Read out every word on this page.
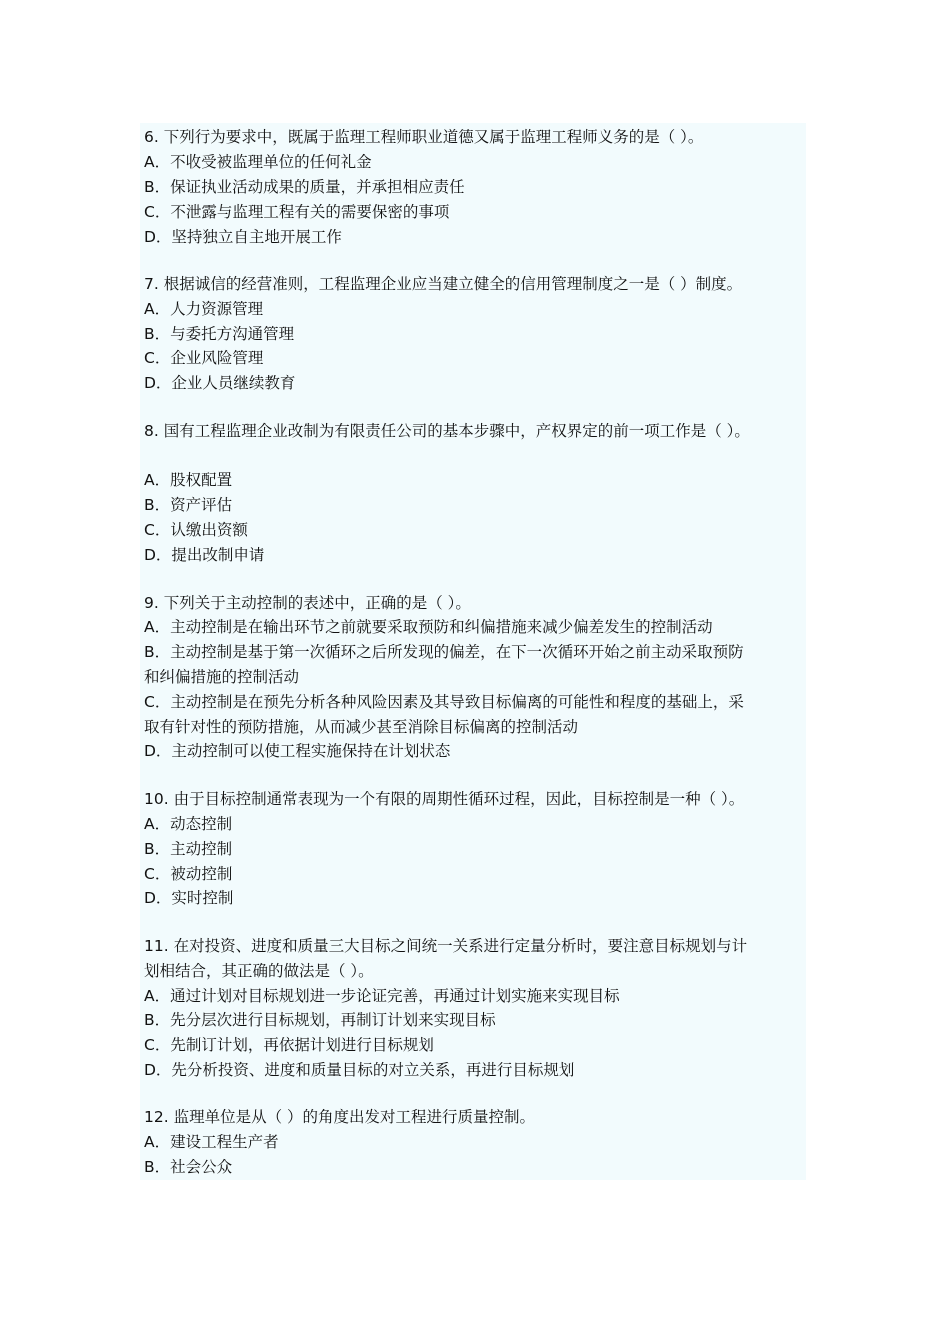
6. 下列行为要求中，既属于监理工程师职业道德又属于监理工程师义务的是（ ）。
A．不收受被监理单位的任何礼金
B．保证执业活动成果的质量，并承担相应责任
C．不泄露与监理工程有关的需要保密的事项
D．坚持独立自主地开展工作
7. 根据诚信的经营准则，工程监理企业应当建立健全的信用管理制度之一是（ ）制度。
A．人力资源管理
B．与委托方沟通管理
C．企业风险管理
D．企业人员继续教育
8. 国有工程监理企业改制为有限责任公司的基本步骤中，产权界定的前一项工作是（ ）。
A．股权配置
B．资产评估
C．认缴出资额
D．提出改制申请
9. 下列关于主动控制的表述中，正确的是（ ）。
A．主动控制是在输出环节之前就要采取预防和纠偏措施来减少偏差发生的控制活动
B．主动控制是基于第一次循环之后所发现的偏差，在下一次循环开始之前主动采取预防
和纠偏措施的控制活动
C．主动控制是在预先分析各种风险因素及其导致目标偏离的可能性和程度的基础上，采
取有针对性的预防措施，从而减少甚至消除目标偏离的控制活动
D．主动控制可以使工程实施保持在计划状态
10. 由于目标控制通常表现为一个有限的周期性循环过程，因此，目标控制是一种（ ）。
A．动态控制
B．主动控制
C．被动控制
D．实时控制
11. 在对投资、进度和质量三大目标之间统一关系进行定量分析时，要注意目标规划与计
划相结合，其正确的做法是（ ）。
A．通过计划对目标规划进一步论证完善，再通过计划实施来实现目标
B．先分层次进行目标规划，再制订计划来实现目标
C．先制订计划，再依据计划进行目标规划
D．先分析投资、进度和质量目标的对立关系，再进行目标规划
12. 监理单位是从（ ）的角度出发对工程进行质量控制。
A．建设工程生产者
B．社会公众
